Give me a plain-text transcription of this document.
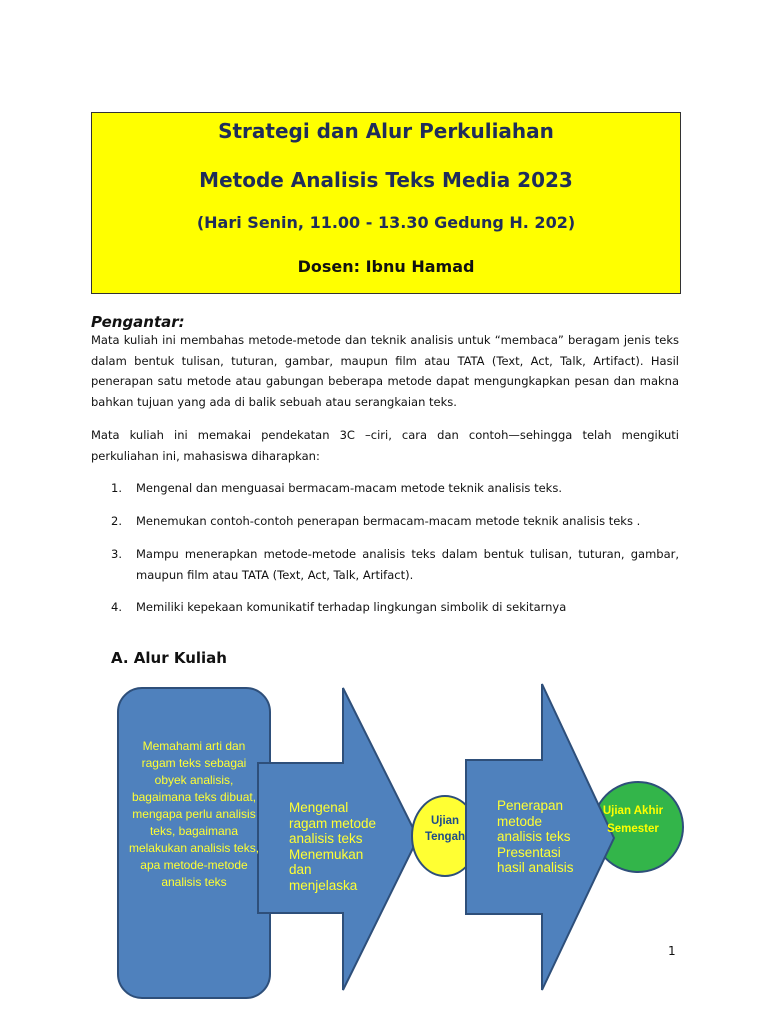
Strategi dan Alur Perkuliahan
Metode Analisis Teks Media 2023
(Hari Senin, 11.00 - 13.30 Gedung H. 202)
Dosen: Ibnu Hamad
Pengantar:
Mata kuliah ini membahas metode-metode dan teknik analisis untuk “membaca” beragam jenis teks dalam bentuk tulisan, tuturan, gambar, maupun film atau TATA (Text, Act, Talk, Artifact). Hasil penerapan satu metode atau gabungan beberapa metode dapat mengungkapkan pesan dan makna bahkan tujuan yang ada di balik sebuah atau serangkaian teks.
Mata kuliah ini memakai pendekatan 3C –ciri, cara dan contoh—sehingga telah mengikuti perkuliahan ini, mahasiswa diharapkan:
1. Mengenal dan menguasai bermacam-macam metode teknik analisis teks.
2. Menemukan contoh-contoh penerapan bermacam-macam metode teknik analisis teks .
3. Mampu menerapkan metode-metode analisis teks dalam bentuk tulisan, tuturan, gambar, maupun film atau TATA (Text, Act, Talk, Artifact).
4. Memiliki kepekaan komunikatif terhadap lingkungan simbolik di sekitarnya
A. Alur Kuliah
Memahami arti dan ragam teks sebagai obyek analisis, bagaimana teks dibuat, mengapa perlu analisis teks, bagaimana melakukan analisis teks, apa metode-metode analisis teks
Mengenal ragam metode analisis teks Menemukan dan menjelaska
Ujian Tengah
Penerapan metode analisis teks Presentasi hasil analisis
Ujian Akhir Semester
1
